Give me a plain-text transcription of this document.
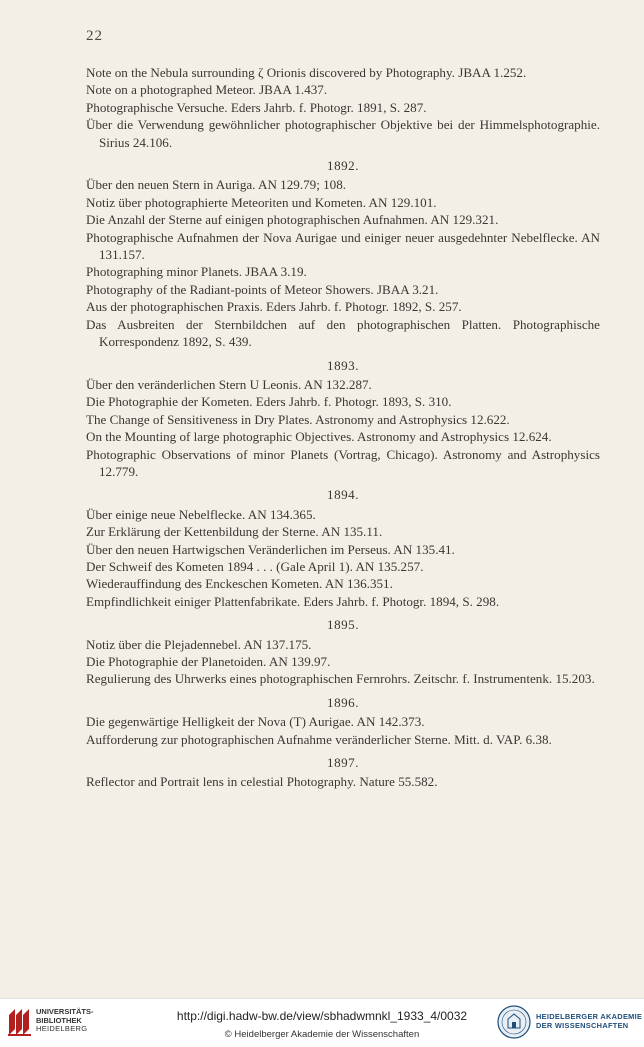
22

Note on the Nebula surrounding ζ Orionis discovered by Photography. JBAA 1.252.

Note on a photographed Meteor. JBAA 1.437.

Photographische Versuche. Eders Jahrb. f. Photogr. 1891, S. 287.

Über die Verwendung gewöhnlicher photographischer Objektive bei der Himmelsphotographie. Sirius 24.106.

1892.

Über den neuen Stern in Auriga. AN 129.79; 108.

Notiz über photographierte Meteoriten und Kometen. AN 129.101.

Die Anzahl der Sterne auf einigen photographischen Aufnahmen. AN 129.321.

Photographische Aufnahmen der Nova Aurigae und einiger neuer ausgedehnter Nebelflecke. AN 131.157.

Photographing minor Planets. JBAA 3.19.

Photography of the Radiant-points of Meteor Showers. JBAA 3.21.

Aus der photographischen Praxis. Eders Jahrb. f. Photogr. 1892, S. 257.

Das Ausbreiten der Sternbildchen auf den photographischen Platten. Photographische Korrespondenz 1892, S. 439.

1893.

Über den veränderlichen Stern U Leonis. AN 132.287.

Die Photographie der Kometen. Eders Jahrb. f. Photogr. 1893, S. 310.

The Change of Sensitiveness in Dry Plates. Astronomy and Astrophysics 12.622.

On the Mounting of large photographic Objectives. Astronomy and Astrophysics 12.624.

Photographic Observations of minor Planets (Vortrag, Chicago). Astronomy and Astrophysics 12.779.

1894.

Über einige neue Nebelflecke. AN 134.365.

Zur Erklärung der Kettenbildung der Sterne. AN 135.11.

Über den neuen Hartwigschen Veränderlichen im Perseus. AN 135.41.

Der Schweif des Kometen 1894 . . . (Gale April 1). AN 135.257.

Wiederauffindung des Enckeschen Kometen. AN 136.351.

Empfindlichkeit einiger Plattenfabrikate. Eders Jahrb. f. Photogr. 1894, S. 298.

1895.

Notiz über die Plejadennebel. AN 137.175.

Die Photographie der Planetoiden. AN 139.97.

Regulierung des Uhrwerks eines photographischen Fernrohrs. Zeitschr. f. Instrumentenk. 15.203.

1896.

Die gegenwärtige Helligkeit der Nova (T) Aurigae. AN 142.373.

Aufforderung zur photographischen Aufnahme veränderlicher Sterne. Mitt. d. VAP. 6.38.

1897.

Reflector and Portrait lens in celestial Photography. Nature 55.582.

UNIVERSITÄTS-
BIBLIOTHEK
HEIDELBERG
http://digi.hadw-bw.de/view/sbhadwmnkl_1933_4/0032
© Heidelberger Akademie der Wissenschaften
HEIDELBERGER AKADEMIE
DER WISSENSCHAFTEN
